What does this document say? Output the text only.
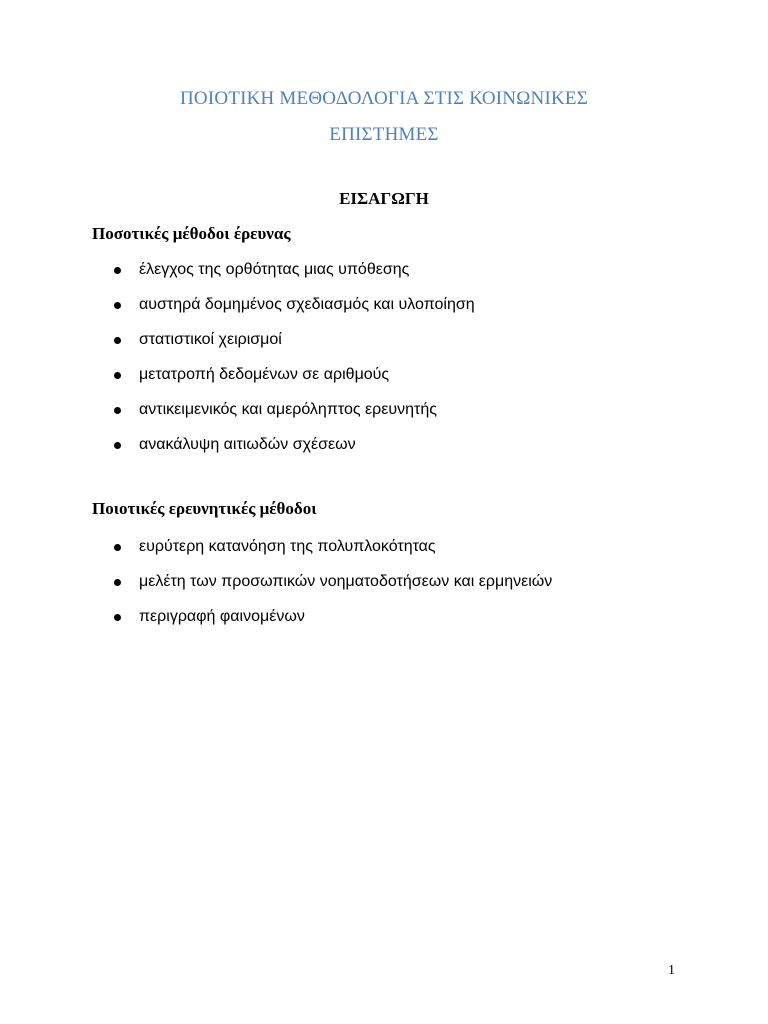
ΠΟΙΟΤΙΚΗ ΜΕΘΟΔΟΛΟΓΙΑ ΣΤΙΣ ΚΟΙΝΩΝΙΚΕΣ
ΕΠΙΣΤΗΜΕΣ
ΕΙΣΑΓΩΓΗ
Ποσοτικές μέθοδοι έρευνας
έλεγχος της ορθότητας μιας υπόθεσης
αυστηρά δομημένος σχεδιασμός και υλοποίηση
στατιστικοί χειρισμοί
μετατροπή δεδομένων σε αριθμούς
αντικειμενικός και αμερόληπτος ερευνητής
ανακάλυψη αιτιωδών σχέσεων
Ποιοτικές ερευνητικές μέθοδοι
ευρύτερη κατανόηση της πολυπλοκότητας
μελέτη των προσωπικών νοηματοδοτήσεων και ερμηνειών
περιγραφή φαινομένων
1
